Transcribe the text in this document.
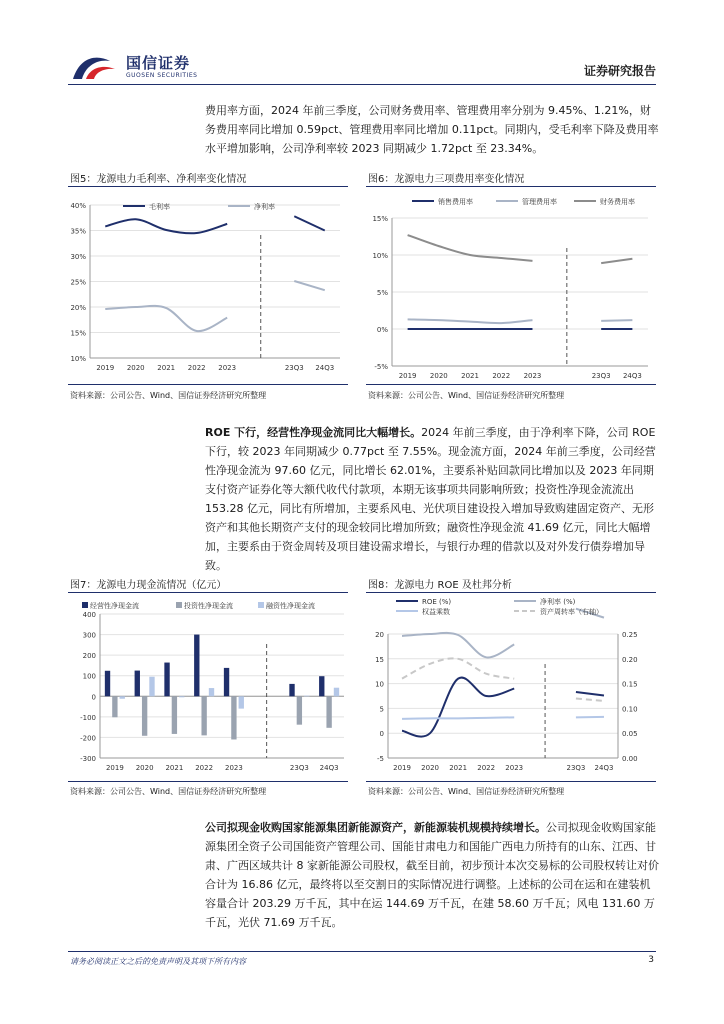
国信证券
GUOSEN SECURITIES	证券研究报告
费用率方面，2024 年前三季度，公司财务费用率、管理费用率分别为 9.45%、1.21%，财务费用率同比增加 0.59pct、管理费用率同比增加 0.11pct。同期内，受毛利率下降及费用率水平增加影响，公司净利率较 2023 同期减少 1.72pct 至 23.34%。
图5：龙源电力毛利率、净利率变化情况
10%
15%
20%
25%
30%
35%
40%
2019 2020 2021 2022 2023	23Q3 24Q3
毛利率	净利率
资料来源：公司公告、Wind、国信证券经济研究所整理
图6：龙源电力三项费用率变化情况
-5%
0%
5%
10%
15%
2019 2020 2021 2022 2023	23Q3 24Q3
销售费用率	管理费用率	财务费用率
资料来源：公司公告、Wind、国信证券经济研究所整理
ROE 下行，经营性净现金流同比大幅增长。2024 年前三季度，由于净利率下降，公司 ROE 下行，较 2023 年同期减少 0.77pct 至 7.55%。现金流方面，2024 年前三季度，公司经营性净现金流为 97.60 亿元，同比增长 62.01%，主要系补贴回款同比增加以及 2023 年同期支付资产证券化等大额代收代付款项，本期无该事项共同影响所致；投资性净现金流流出 153.28 亿元，同比有所增加，主要系风电、光伏项目建设投入增加导致购建固定资产、无形资产和其他长期资产支付的现金较同比增加所致；融资性净现金流 41.69 亿元，同比大幅增加，主要系由于资金周转及项目建设需求增长，与银行办理的借款以及对外发行债券增加导致。
图7：龙源电力现金流情况（亿元）
-300
-200
-100
0
100
200
300
400
2019 2020 2021 2022 2023	23Q3 24Q3
经营性净现金流	投资性净现金流	融资性净现金流
资料来源：公司公告、Wind、国信证券经济研究所整理
图8：龙源电力 ROE 及杜邦分析
-5
0
5
10
15
20
0.00
0.05
0.10
0.15
0.20
0.25
2019 2020 2021 2022 2023	23Q3 24Q3
ROE (%)	净利率 (%)
权益乘数	资产周转率（右轴）
资料来源：公司公告、Wind、国信证券经济研究所整理
公司拟现金收购国家能源集团新能源资产，新能源装机规模持续增长。公司拟现金收购国家能源集团全资子公司国能资产管理公司、国能甘肃电力和国能广西电力所持有的山东、江西、甘肃、广西区域共计 8 家新能源公司股权，截至目前，初步预计本次交易标的公司股权转让对价合计为 16.86 亿元，最终将以至交割日的实际情况进行调整。上述标的公司在运和在建装机容量合计 203.29 万千瓦，其中在运 144.69 万千瓦，在建 58.60 万千瓦；风电 131.60 万千瓦，光伏 71.69 万千瓦。
请务必阅读正文之后的免责声明及其项下所有内容	3
